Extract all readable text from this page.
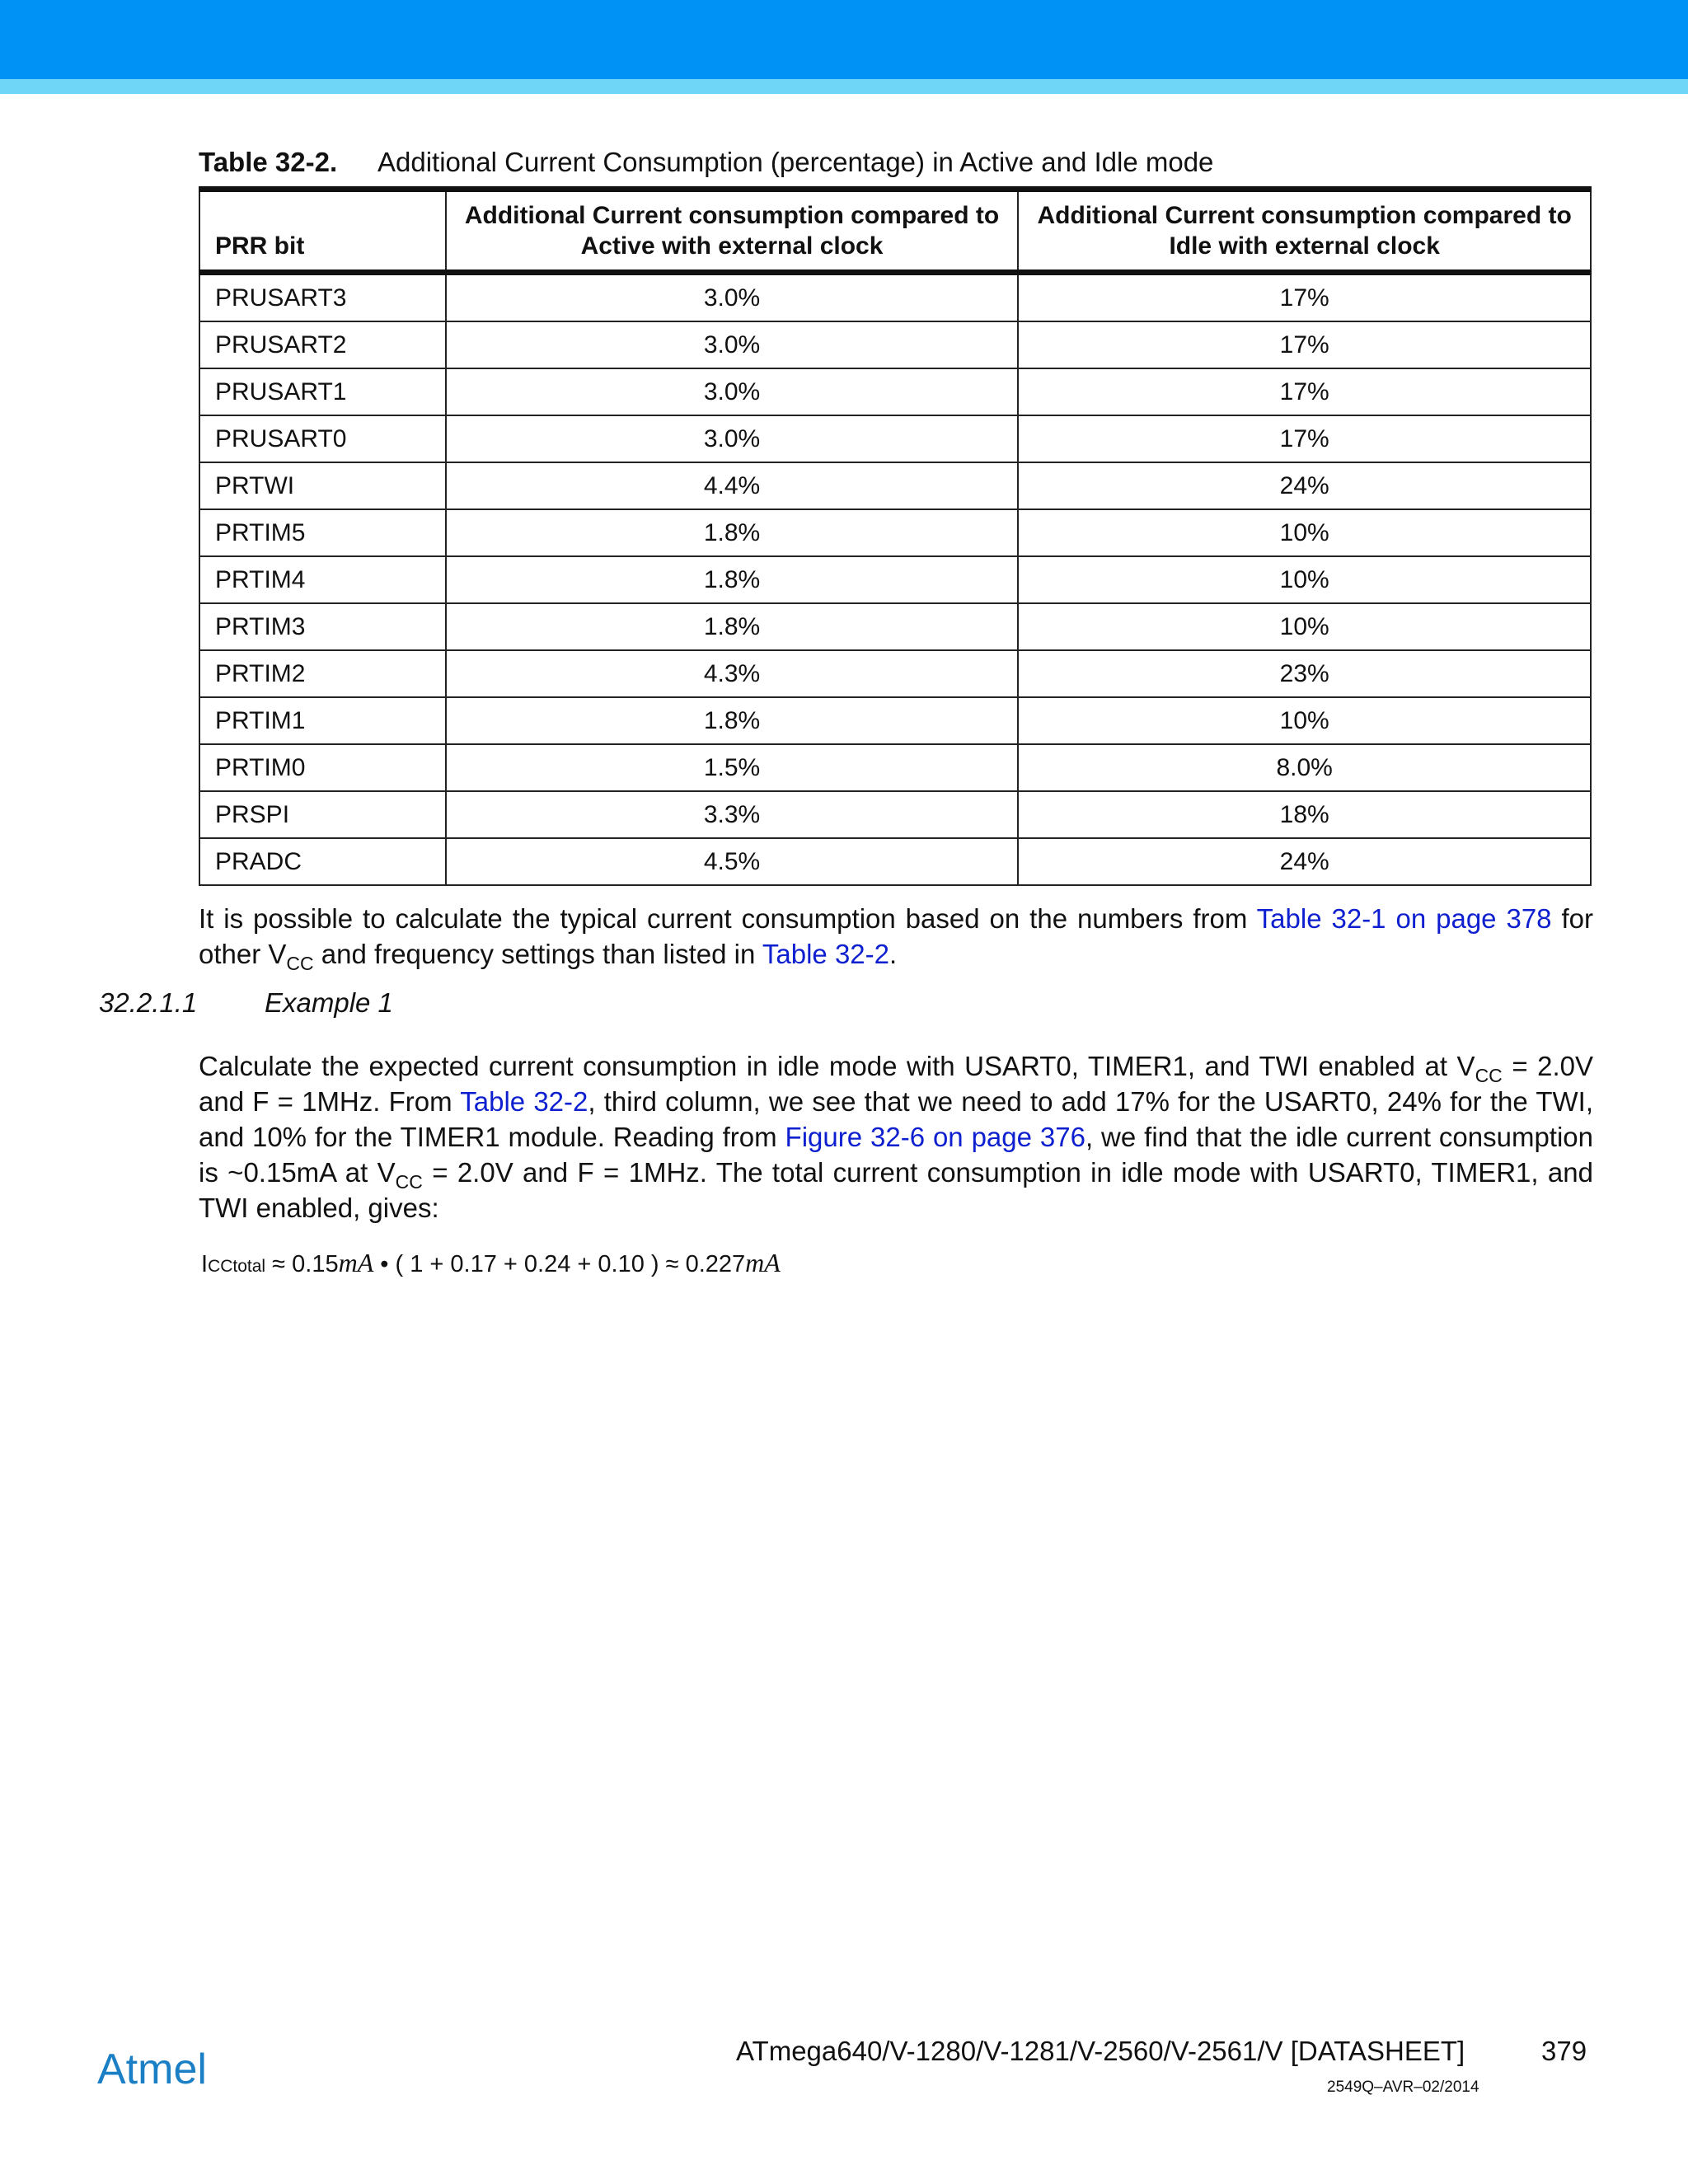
Table 32-2. Additional Current Consumption (percentage) in Active and Idle mode
PRR bit	Additional Current consumption compared to Active with external clock	Additional Current consumption compared to Idle with external clock
PRUSART3	3.0%	17%
PRUSART2	3.0%	17%
PRUSART1	3.0%	17%
PRUSART0	3.0%	17%
PRTWI	4.4%	24%
PRTIM5	1.8%	10%
PRTIM4	1.8%	10%
PRTIM3	1.8%	10%
PRTIM2	4.3%	23%
PRTIM1	1.8%	10%
PRTIM0	1.5%	8.0%
PRSPI	3.3%	18%
PRADC	4.5%	24%
It is possible to calculate the typical current consumption based on the numbers from Table 32-1 on page 378 for other $V_{CC}$ and frequency settings than listed in Table 32-2.
32.2.1.1 Example 1
Calculate the expected current consumption in idle mode with USART0, TIMER1, and TWI enabled at $V_{CC} = 2.0V$ and F = 1MHz. From Table 32-2, third column, we see that we need to add 17% for the USART0, 24% for the TWI, and 10% for the TIMER1 module. Reading from Figure 32-6 on page 376, we find that the idle current consumption is ~0.15mA at $V_{CC} = 2.0V$ and F = 1MHz. The total current consumption in idle mode with USART0, TIMER1, and TWI enabled, gives:
ICCtotal ≈ 0.15mA • ( 1 + 0.17 + 0.24 + 0.10 ) ≈ 0.227mA
Atmel	ATmega640/V-1280/V-1281/V-2560/V-2561/V [DATASHEET]	379
2549Q–AVR–02/2014
